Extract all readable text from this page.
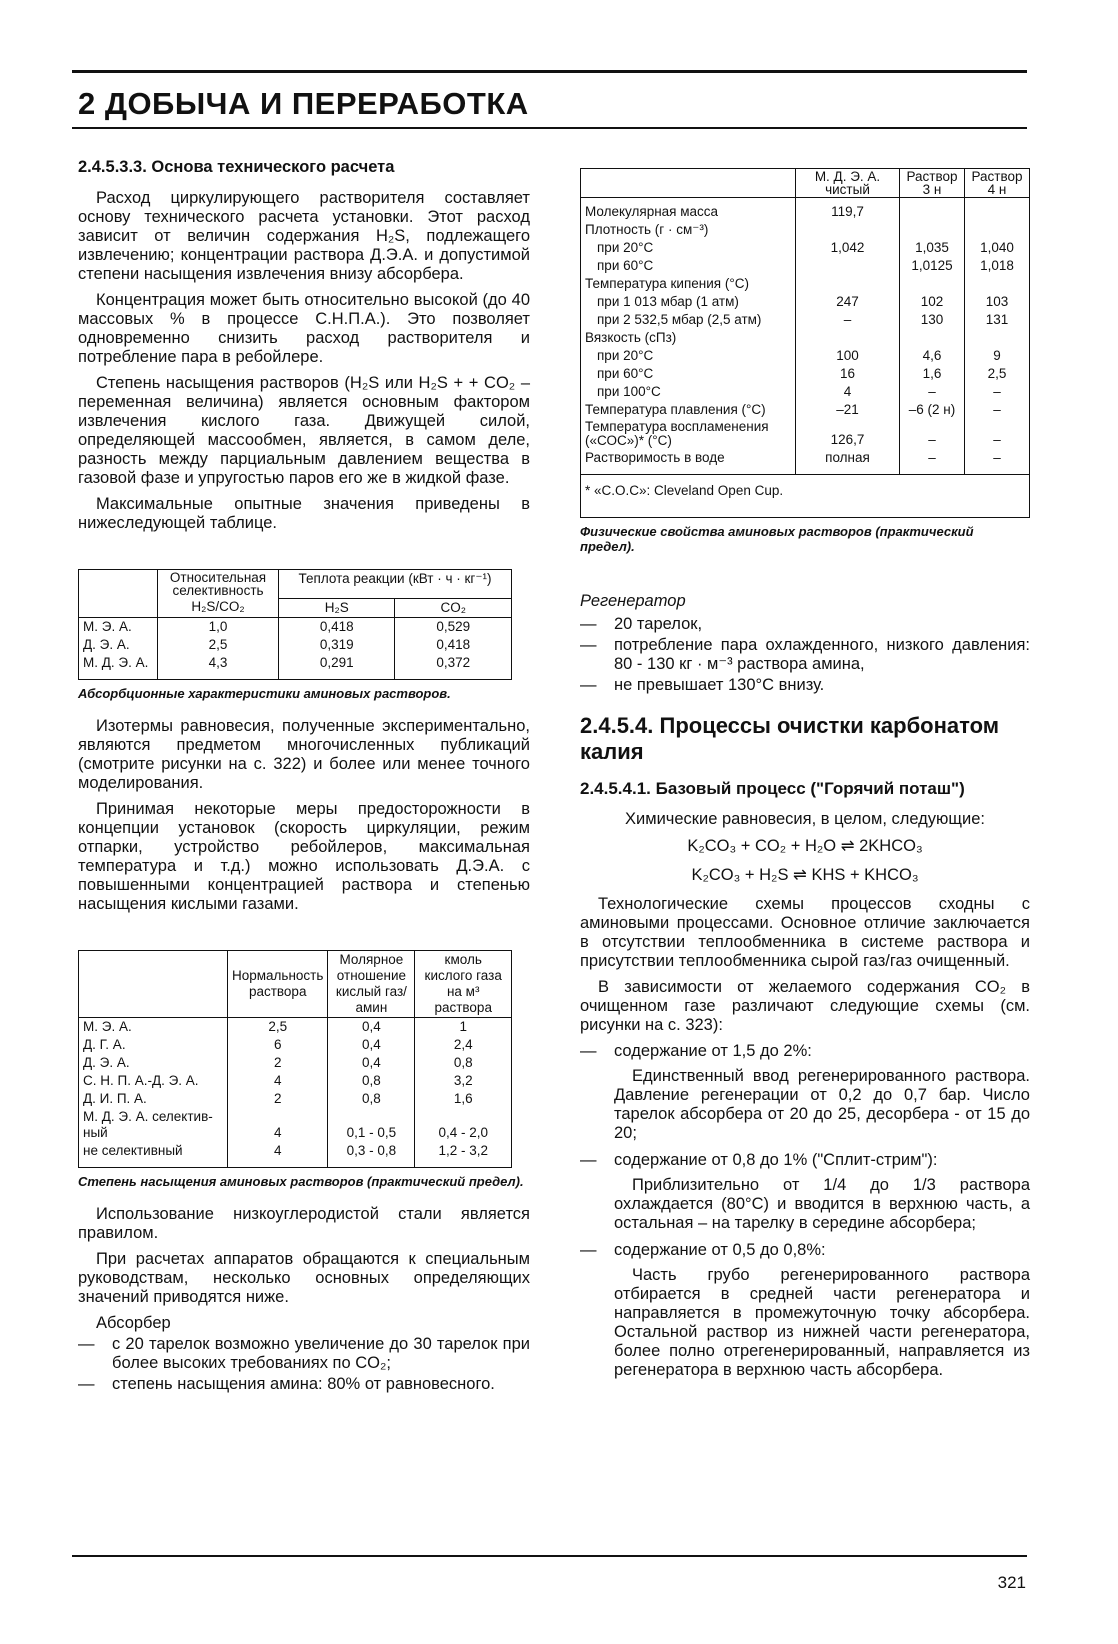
2 ДОБЫЧА И ПЕРЕРАБОТКА
2.4.5.3.3. Основа технического расчета

Расход циркулирующего растворителя составляет основу технического расчета установки. Этот расход зависит от величин содержания H₂S, подлежащего извлечению; концентрации раствора Д.Э.А. и допустимой степени насыщения извлечения внизу абсорбера.

Концентрация может быть относительно высокой (до 40 массовых % в процессе С.Н.П.А.). Это позволяет одновременно снизить расход растворителя и потребление пара в ребойлере.

Степень насыщения растворов (H₂S или H₂S + + CO₂ – переменная величина) является основным фактором извлечения кислого газа. Движущей силой, определяющей массообмен, является, в самом деле, разность между парциальным давлением вещества в газовой фазе и упругостью паров его же в жидкой фазе.

Максимальные опытные значения приведены в нижеследующей таблице.

	Относительная селективность	Теплота реакции (кВт · ч · кг⁻¹)	
	H₂S/CO₂	H₂S	CO₂
М. Э. А.	1,0	0,418	0,529
Д. Э. А.	2,5	0,319	0,418
М. Д. Э. А.	4,3	0,291	0,372
Абсорбционные характеристики аминовых растворов.

Изотермы равновесия, полученные экспериментально, являются предметом многочисленных публикаций (смотрите рисунки на с. 322) и более или менее точного моделирования.

Принимая некоторые меры предосторожности в концепции установок (скорость циркуляции, режим отпарки, устройство ребойлеров, максимальная температура и т.д.) можно использовать Д.Э.А. с повышенными концентрацией раствора и степенью насыщения кислыми газами.

	Нормальность раствора	Молярное отношение кислый газ/амин	кмоль кислого газа на м³ раствора
М. Э. А.	2,5	0,4	1
Д. Г. А.	6	0,4	2,4
Д. Э. А.	2	0,4	0,8
С. Н. П. А.-Д. Э. А.	4	0,8	3,2
Д. И. П. А.	2	0,8	1,6
М. Д. Э. А. селектив-ный	4	0,1 - 0,5	0,4 - 2,0
не селективный	4	0,3 - 0,8	1,2 - 3,2
Степень насыщения аминовых растворов (практический предел).

Использование низкоуглеродистой стали является правилом.

При расчетах аппаратов обращаются к специальным руководствам, несколько основных определяющих значений приводятся ниже.

Абсорбер

— с 20 тарелок возможно увеличение до 30 тарелок при более высоких требованиях по CO₂;
— степень насыщения амина: 80% от равновесного.
	М. Д. Э. А. чистый	Раствор 3 н	Раствор 4 н
Молекулярная масса	119,7		
Плотность (г · см⁻³)			
при 20°С	1,042	1,035	1,040
при 60°С		1,0125	1,018
Температура кипения (°С)			
при 1 013 мбар (1 атм)	247	102	103
при 2 532,5 мбар (2,5 атм)	–	130	131
Вязкость (сПз)			
при 20°С	100	4,6	9
при 60°С	16	1,6	2,5
при 100°С	4	–	–
Температура плавления (°С)	–21	–6 (2 н)	–
Температура воспламенения («СОС»)* (°С)	126,7	–	–
Растворимость в воде	полная	–	–
* «C.O.C»: Cleveland Open Cup.			
Физические свойства аминовых растворов (практический предел).

Регенератор

— 20 тарелок,
— потребление пара охлажденного, низкого давления: 80 - 130 кг · м⁻³ раствора амина,
— не превышает 130°С внизу.
2.4.5.4. Процессы очистки карбонатом калия
2.4.5.4.1. Базовый процесс ("Горячий поташ")

Химические равновесия, в целом, следующие:

K₂CO₃ + CO₂ + H₂O ⇌ 2KHCO₃
K₂CO₃ + H₂S ⇌ KHS + KHCO₃

Технологические схемы процессов сходны с аминовыми процессами. Основное отличие заключается в отсутствии теплообменника в системе раствора и присутствии теплообменника сырой газ/газ очищенный.

В зависимости от желаемого содержания CO₂ в очищенном газе различают следующие схемы (см. рисунки на с. 323):

— содержание от 1,5 до 2%:
Единственный ввод регенерированного раствора. Давление регенерации от 0,2 до 0,7 бар. Число тарелок абсорбера от 20 до 25, десорбера - от 15 до 20;
— содержание от 0,8 до 1% ("Сплит-стрим"):
Приблизительно от 1/4 до 1/3 раствора охлаждается (80°С) и вводится в верхнюю часть, а остальная – на тарелку в середине абсорбера;
— содержание от 0,5 до 0,8%:
Часть грубо регенерированного раствора отбирается в средней части регенератора и направляется в промежуточную точку абсорбера. Остальной раствор из нижней части регенератора, более полно отрегенерированный, направляется из регенератора в верхнюю часть абсорбера.
321
